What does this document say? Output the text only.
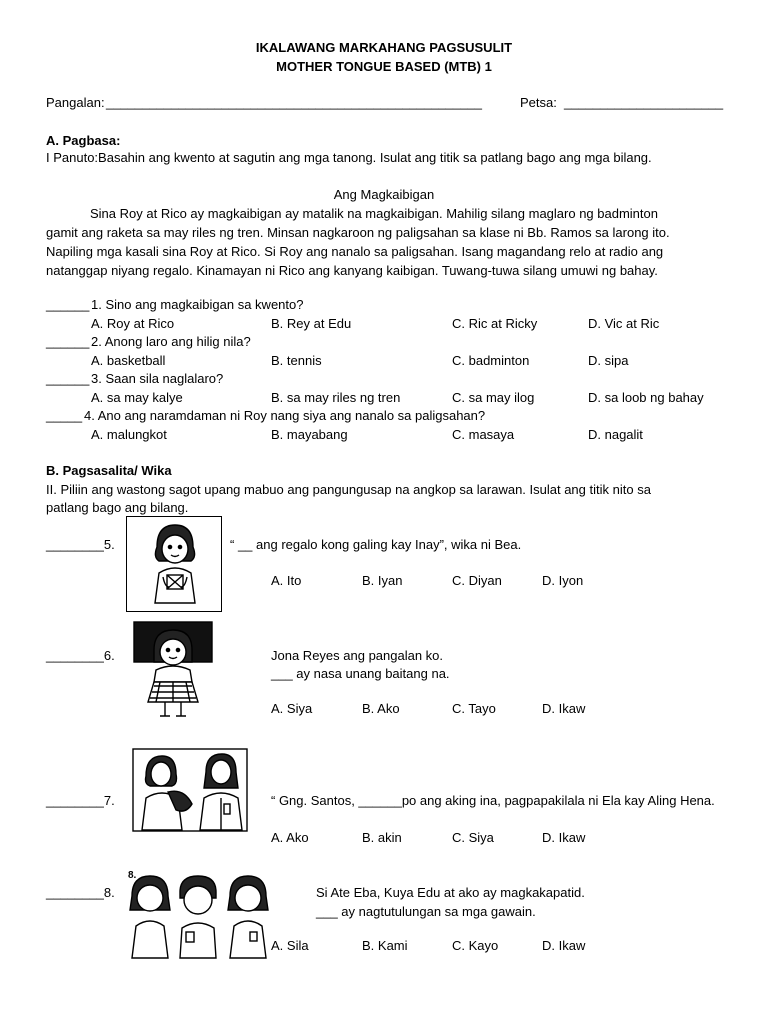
IKALAWANG MARKAHANG PAGSUSULIT
MOTHER TONGUE BASED (MTB) 1
Pangalan: ____________________________________________________	Petsa: ______________________
A. Pagbasa:
I Panuto:Basahin ang kwento at sagutin ang mga tanong. Isulat ang titik sa patlang bago ang mga bilang.
Ang Magkaibigan
Sina Roy at Rico ay magkaibigan ay matalik na magkaibigan. Mahilig silang maglaro ng badminton
gamit ang raketa sa may riles ng tren. Minsan nagkaroon ng paligsahan sa klase ni Bb. Ramos sa larong ito.
Napiling mga kasali sina Roy at Rico. Si Roy ang nanalo sa paligsahan. Isang magandang relo at radio ang
natanggap niyang regalo. Kinamayan ni Rico ang kanyang kaibigan. Tuwang-tuwa silang umuwi ng bahay.
______ 1. Sino ang magkaibigan sa kwento?
A. Roy at Rico	B. Rey at Edu	C. Ric at Ricky	D. Vic at Ric
______ 2. Anong laro ang hilig nila?
A. basketball	B. tennis	C. badminton	D. sipa
______ 3. Saan sila naglalaro?
A. sa may kalye	B. sa may riles ng tren	C. sa may ilog	D. sa loob ng bahay
_____ 4. Ano ang naramdaman ni Roy nang siya ang nanalo sa paligsahan?
A. malungkot	B. mayabang	C. masaya	D. nagalit
B. Pagsasalita/ Wika
II. Piliin ang wastong sagot upang mabuo ang pangungusap na angkop sa larawan. Isulat ang titik nito sa
patlang bago ang bilang.
________5.	“ __ ang regalo kong galing kay Inay”, wika ni Bea.
A. Ito	B. Iyan	C. Diyan	D. Iyon
________6.	Jona Reyes ang pangalan ko.
___ ay nasa unang baitang na.
A. Siya	B. Ako	C. Tayo	D. Ikaw
________7.	“ Gng. Santos, ______po ang aking ina, pagpapakilala ni Ela kay Aling Hena.
A. Ako	B. akin	C. Siya	D. Ikaw
________8.
8.
Si Ate Eba, Kuya Edu at ako ay magkakapatid.
___ ay nagtutulungan sa mga gawain.
A. Sila	B. Kami	C. Kayo	D. Ikaw
